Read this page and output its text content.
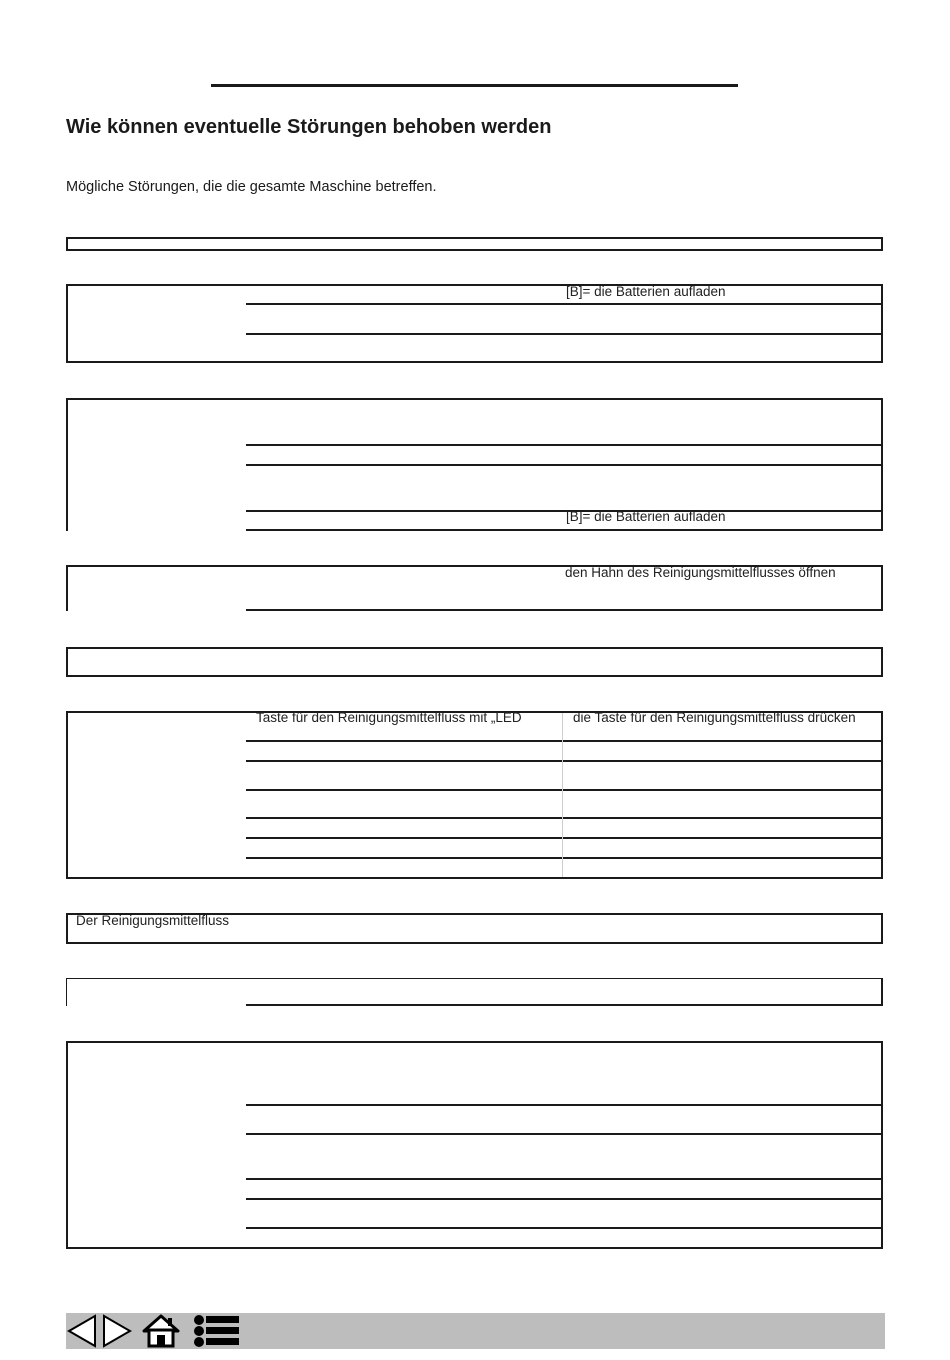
Wie können eventuelle Störungen behoben werden
Mögliche Störungen, die die gesamte Maschine betreffen.
[B]= die Batterien aufladen
[B]= die Batterien aufladen
den Hahn des Reinigungsmittelflusses öffnen
Taste für den Reinigungsmittelfluss mit „LED	die Taste für den Reinigungsmittelfluss drücken
Der Reinigungsmittelfluss
